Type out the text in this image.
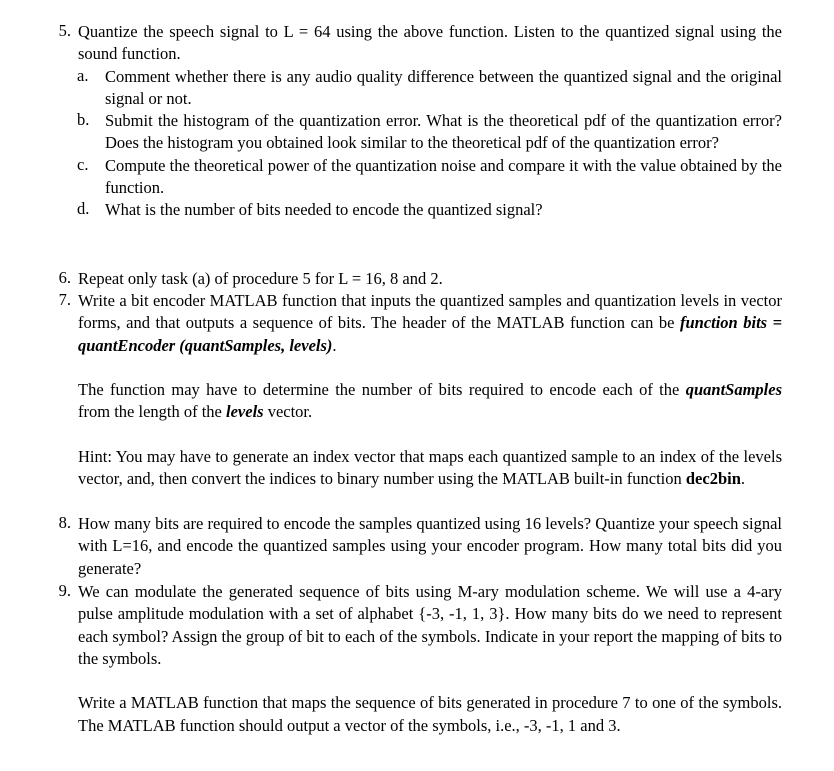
5. Quantize the speech signal to L = 64 using the above function. Listen to the quantized signal using the sound function.

a. Comment whether there is any audio quality difference between the quantized signal and the original signal or not.

b. Submit the histogram of the quantization error. What is the theoretical pdf of the quantization error? Does the histogram you obtained look similar to the theoretical pdf of the quantization error?

c. Compute the theoretical power of the quantization noise and compare it with the value obtained by the function.

d. What is the number of bits needed to encode the quantized signal?

6. Repeat only task (a) of procedure 5 for L = 16, 8 and 2.

7. Write a bit encoder MATLAB function that inputs the quantized samples and quantization levels in vector forms, and that outputs a sequence of bits. The header of the MATLAB function can be function bits = quantEncoder (quantSamples, levels).

The function may have to determine the number of bits required to encode each of the quantSamples from the length of the levels vector.

Hint: You may have to generate an index vector that maps each quantized sample to an index of the levels vector, and, then convert the indices to binary number using the MATLAB built-in function dec2bin.

8. How many bits are required to encode the samples quantized using 16 levels? Quantize your speech signal with L=16, and encode the quantized samples using your encoder program. How many total bits did you generate?

9. We can modulate the generated sequence of bits using M-ary modulation scheme. We will use a 4-ary pulse amplitude modulation with a set of alphabet {-3, -1, 1, 3}. How many bits do we need to represent each symbol? Assign the group of bit to each of the symbols. Indicate in your report the mapping of bits to the symbols.

Write a MATLAB function that maps the sequence of bits generated in procedure 7 to one of the symbols. The MATLAB function should output a vector of the symbols, i.e., -3, -1, 1 and 3.
